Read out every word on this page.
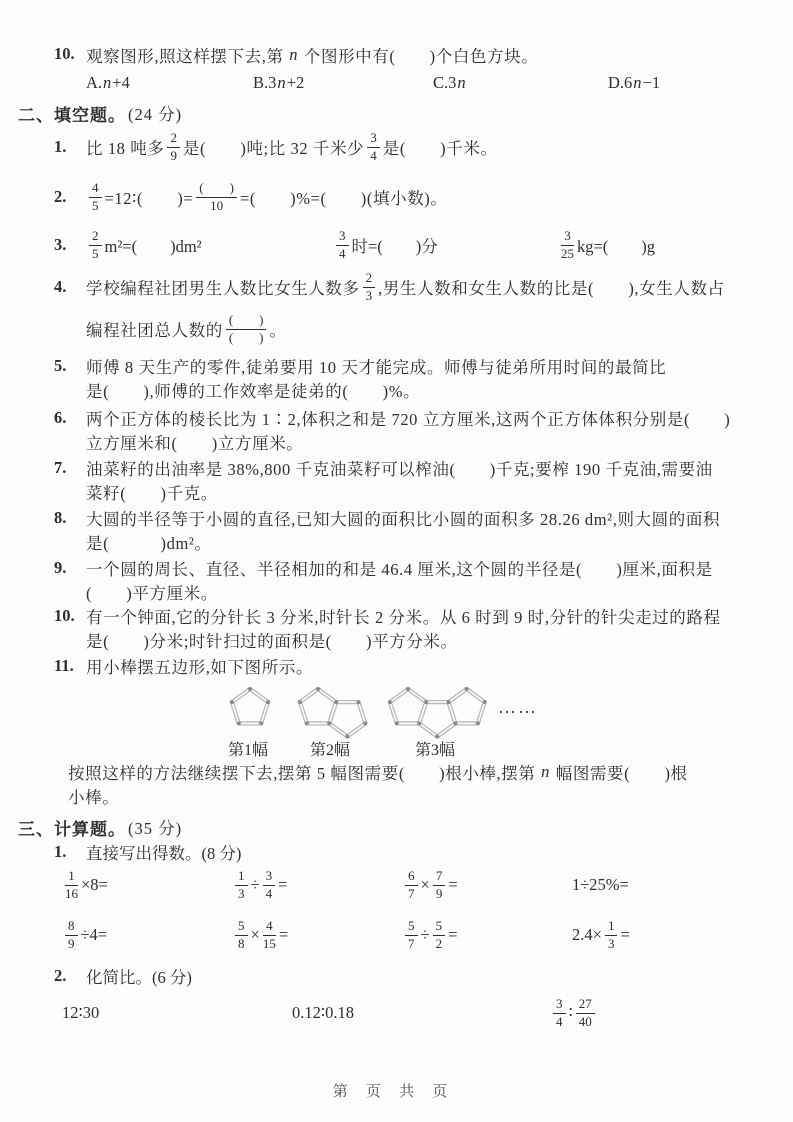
10. 观察图形,照这样摆下去,第 n 个图形中有(　　)个白色方块。
A. n +4	B.3 n +2	C.3 n	D.6 n −1
二、填空题。 (24 分)
1.	比 18 吨多 $\frac{2}{9}$ 是(　　)吨;比 32 千米少 $\frac{3}{4}$ 是(　　)千米。
2.	$\frac{4}{5}$ =12∶(　　)= $\frac{( )}{10}$ =(　　)%=(　　)(填小数)。
3.	$\frac{2}{5} m^2=$(　　)dm²	$\frac{3}{4}$ 时=(　　)分	$\frac{3}{25} kg=$(　　)g
4.	学校编程社团男生人数比女生人数多 $\frac{2}{3}$ ,男生人数和女生人数的比是(　　),女生人数占
编程社团总人数的 $\frac{( )}{( )}$ 。
5.	师傅 8 天生产的零件,徒弟要用 10 天才能完成。师傅与徒弟所用时间的最简比
是(　　),师傅的工作效率是徒弟的(　　)%。
6.	两个正方体的棱长比为 1∶2,体积之和是 720 立方厘米,这两个正方体体积分别是(　　)
立方厘米和(　　)立方厘米。
7.	油菜籽的出油率是 38%,800 千克油菜籽可以榨油(　　)千克;要榨 190 千克油,需要油
菜籽(　　)千克。
8.	大圆的半径等于小圆的直径,已知大圆的面积比小圆的面积多 28.26 dm²,则大圆的面积
是(　　　)dm²。
9.	一个圆的周长、直径、半径相加的和是 46.4 厘米,这个圆的半径是(　　)厘米,面积是
(　　)平方厘米。
10. 有一个钟面,它的分针长 3 分米,时针长 2 分米。从 6 时到 9 时,分针的针尖走过的路程
是(　　)分米;时针扫过的面积是(　　)平方分米。
11. 用小棒摆五边形,如下图所示。
第1幅	第2幅	第3幅
……
按照这样的方法继续摆下去,摆第 5 幅图需要(　　)根小棒,摆第 n 幅图需要(　　)根
小棒。
三、计算题。 (35 分)
1.	直接写出得数。(8 分)
$\frac{1}{16} \times 8=$	$\frac{1}{3} \div \frac{3}{4}$ =	$\frac{6}{7} \times \frac{7}{9}$ =	1÷25%=
$\frac{8}{9} \div 4=$	$\frac{5}{8} \times \frac{4}{15}$ =	$\frac{5}{7} \div \frac{5}{2}$ =	$2.4\times \frac{1}{3}$ =
2.	化简比。(6 分)
12∶30	0.12∶0.18	$\frac{3}{4}$ ∶ $\frac{27}{40}$
第 页 共 页
